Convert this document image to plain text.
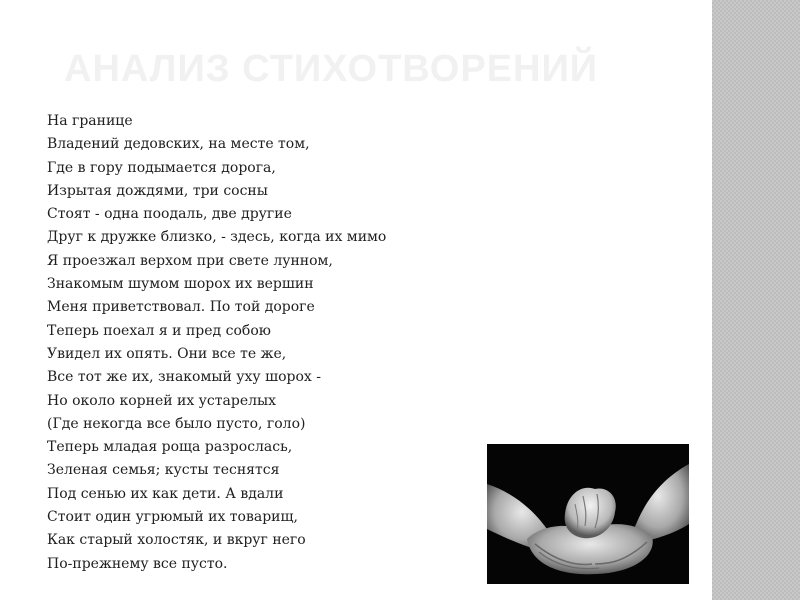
АНАЛИЗ СТИХОТВОРЕНИЙ
На границе
Владений дедовских, на месте том,
Где в гору подымается дорога,
Изрытая дождями, три сосны
Стоят - одна поодаль, две другие
Друг к дружке близко, - здесь, когда их мимо
Я проезжал верхом при свете лунном,
Знакомым шумом шорох их вершин
Меня приветствовал. По той дороге
Теперь поехал я и пред собою
Увидел их опять. Они все те же,
Все тот же их, знакомый уху шорох -
Но около корней их устарелых
(Где некогда все было пусто, голо)
Теперь младая роща разрослась,
Зеленая семья; кусты теснятся
Под сенью их как дети. А вдали
Стоит один угрюмый их товарищ,
Как старый холостяк, и вкруг него
По-прежнему все пусто.
